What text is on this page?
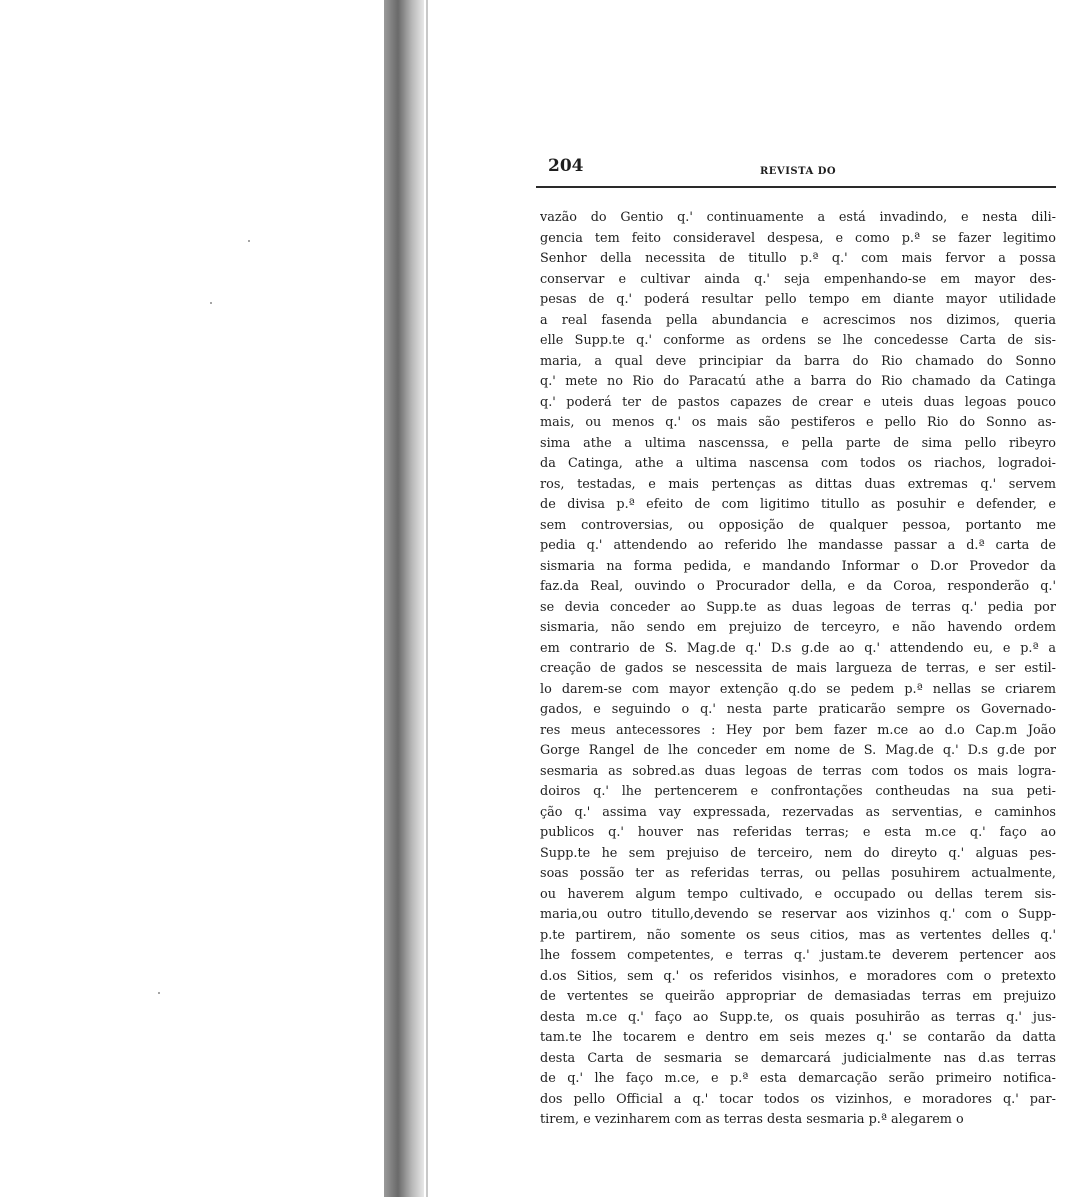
204	REVISTA DO
vazão do Gentio q.' continuamente a está invadindo, e nesta dili-
gencia tem feito consideravel despesa, e como p.ª se fazer legitimo
Senhor della necessita de titullo p.ª q.' com mais fervor a possa
conservar e cultivar ainda q.' seja empenhando-se em mayor des-
pesas de q.' poderá resultar pello tempo em diante mayor utilidade
a real fasenda pella abundancia e acrescimos nos dizimos, queria
elle Supp.te q.' conforme as ordens se lhe concedesse Carta de sis-
maria, a qual deve principiar da barra do Rio chamado do Sonno
q.' mete no Rio do Paracatú athe a barra do Rio chamado da Catinga
q.' poderá ter de pastos capazes de crear e uteis duas legoas pouco
mais, ou menos q.' os mais são pestiferos e pello Rio do Sonno as-
sima athe a ultima nascenssa, e pella parte de sima pello ribeyro
da Catinga, athe a ultima nascensa com todos os riachos, logradoi-
ros, testadas, e mais pertenças as dittas duas extremas q.' servem
de divisa p.ª efeito de com ligitimo titullo as posuhir e defender, e
sem controversias, ou opposição de qualquer pessoa, portanto me
pedia q.' attendendo ao referido lhe mandasse passar a d.ª carta de
sismaria na forma pedida, e mandando Informar o D.or Provedor da
faz.da Real, ouvindo o Procurador della, e da Coroa, responderão q.'
se devia conceder ao Supp.te as duas legoas de terras q.' pedia por
sismaria, não sendo em prejuizo de terceyro, e não havendo ordem
em contrario de S. Mag.de q.' D.s g.de ao q.' attendendo eu, e p.ª a
creação de gados se nescessita de mais largueza de terras, e ser estil-
lo darem-se com mayor extenção q.do se pedem p.ª nellas se criarem
gados, e seguindo o q.' nesta parte praticarão sempre os Governado-
res meus antecessores : Hey por bem fazer m.ce ao d.o Cap.m João
Gorge Rangel de lhe conceder em nome de S. Mag.de q.' D.s g.de por
sesmaria as sobred.as duas legoas de terras com todos os mais logra-
doiros q.' lhe pertencerem e confrontações contheudas na sua peti-
ção q.' assima vay expressada, rezervadas as serventias, e caminhos
publicos q.' houver nas referidas terras; e esta m.ce q.' faço ao
Supp.te he sem prejuiso de terceiro, nem do direyto q.' alguas pes-
soas possão ter as referidas terras, ou pellas posuhirem actualmente,
ou haverem algum tempo cultivado, e occupado ou dellas terem sis-
maria,ou outro titullo,devendo se reservar aos vizinhos q.' com o Supp-
p.te partirem, não somente os seus citios, mas as vertentes delles q.'
lhe fossem competentes, e terras q.' justam.te deverem pertencer aos
d.os Sitios, sem q.' os referidos visinhos, e moradores com o pretexto
de vertentes se queirão appropriar de demasiadas terras em prejuizo
desta m.ce q.' faço ao Supp.te, os quais posuhirão as terras q.' jus-
tam.te lhe tocarem e dentro em seis mezes q.' se contarão da datta
desta Carta de sesmaria se demarcará judicialmente nas d.as terras
de q.' lhe faço m.ce, e p.ª esta demarcação serão primeiro notifica-
dos pello Official a q.' tocar todos os vizinhos, e moradores q.' par-
tirem, e vezinharem com as terras desta sesmaria p.ª alegarem o
